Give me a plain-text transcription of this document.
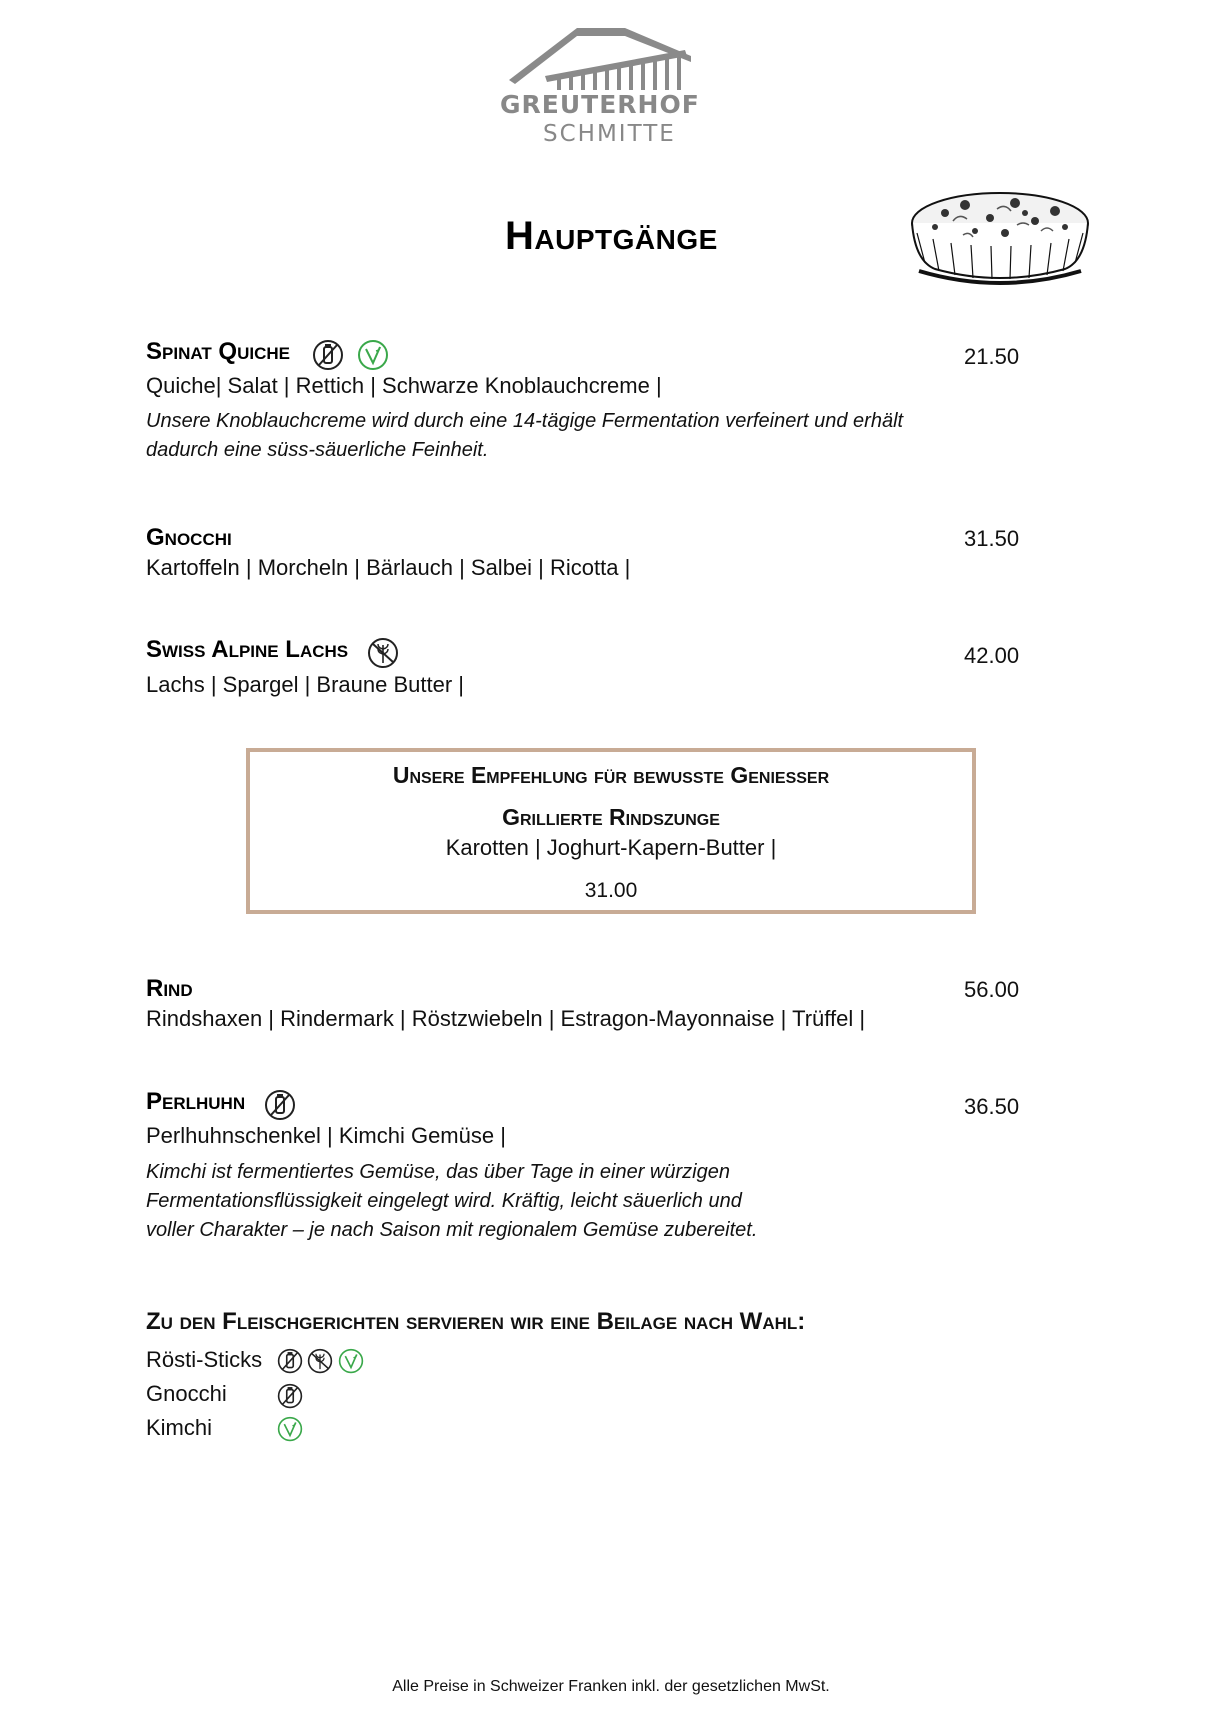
GREUTERHOF
SCHMITTE
Hauptgänge
Spinat Quiche
	21.50
Quiche| Salat | Rettich | Schwarze Knoblauchcreme |
Unsere Knoblauchcreme wird durch eine 14-tägige Fermentation verfeinert und erhält
dadurch eine süss-säuerliche Feinheit.
Gnocchi	31.50
Kartoffeln | Morcheln | Bärlauch | Salbei | Ricotta |
Swiss Alpine Lachs	42.00
Lachs | Spargel | Braune Butter |
Unsere Empfehlung für bewusste Geniesser
Grillierte Rindszunge
Karotten | Joghurt-Kapern-Butter |
31.00
Rind	56.00
Rindshaxen | Rindermark | Röstzwiebeln | Estragon-Mayonnaise | Trüffel |
Perlhuhn	36.50
Perlhuhnschenkel | Kimchi Gemüse |
Kimchi ist fermentiertes Gemüse, das über Tage in einer würzigen
Fermentationsflüssigkeit eingelegt wird. Kräftig, leicht säuerlich und
voller Charakter – je nach Saison mit regionalem Gemüse zubereitet.
Zu den Fleischgerichten servieren wir eine Beilage nach Wahl:
Rösti-Sticks

Gnocchi
Kimchi
Alle Preise in Schweizer Franken inkl. der gesetzlichen MwSt.
